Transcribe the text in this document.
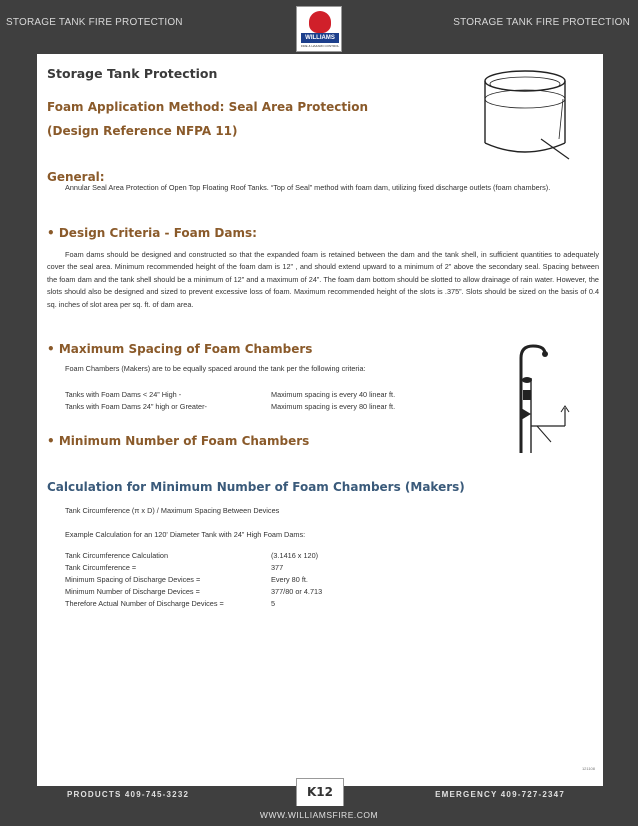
STORAGE TANK FIRE PROTECTION	STORAGE TANK FIRE PROTECTION
WILLIAMS
FIRE & HAZARD CONTROL
Storage Tank Protection
Foam Application Method: Seal Area Protection
(Design Reference NFPA 11)
General:
Annular Seal Area Protection of Open Top Floating Roof Tanks. “Top of Seal” method with foam dam, utilizing fixed discharge outlets (foam chambers).
• Design Criteria - Foam Dams:
Foam dams should be designed and constructed so that the expanded foam is retained between the dam and the tank shell, in sufficient quantities to adequately cover the seal area. Minimum recommended height of the foam dam is 12” , and should extend upward to a minimum of 2” above the secondary seal. Spacing between the foam dam and the tank shell should be a minimum of 12” and a maximum of 24”. The foam dam bottom should be slotted to allow drainage of rain water. However, the slots should also be designed and sized to prevent excessive loss of foam. Maximum recommended height of the slots is .375”. Slots should be sized on the basis of 0.4 sq. inches of slot area per sq. ft. of dam area.
• Maximum Spacing of Foam Chambers
Foam Chambers (Makers) are to be equally spaced around the tank per the following criteria:
Tanks with Foam Dams < 24” High -	Maximum spacing is every 40 linear ft.
Tanks with Foam Dams 24” high or Greater-	Maximum spacing is every 80 linear ft.
• Minimum Number of Foam Chambers
Calculation for Minimum Number of Foam Chambers (Makers)
Tank Circumference (π x D) / Maximum Spacing Between Devices
Example Calculation for an 120' Diameter Tank with 24” High Foam Dams:
Tank Circumference Calculation	(3.1416 x 120)
Tank Circumference =	377
Minimum Spacing of Discharge Devices =	Every 80 ft.
Minimum Number of Discharge Devices =	377/80 or 4.713
Therefore Actual Number of Discharge Devices =	5
121108
PRODUCTS 409-745-3232	EMERGENCY 409-727-2347
K12
WWW.WILLIAMSFIRE.COM
